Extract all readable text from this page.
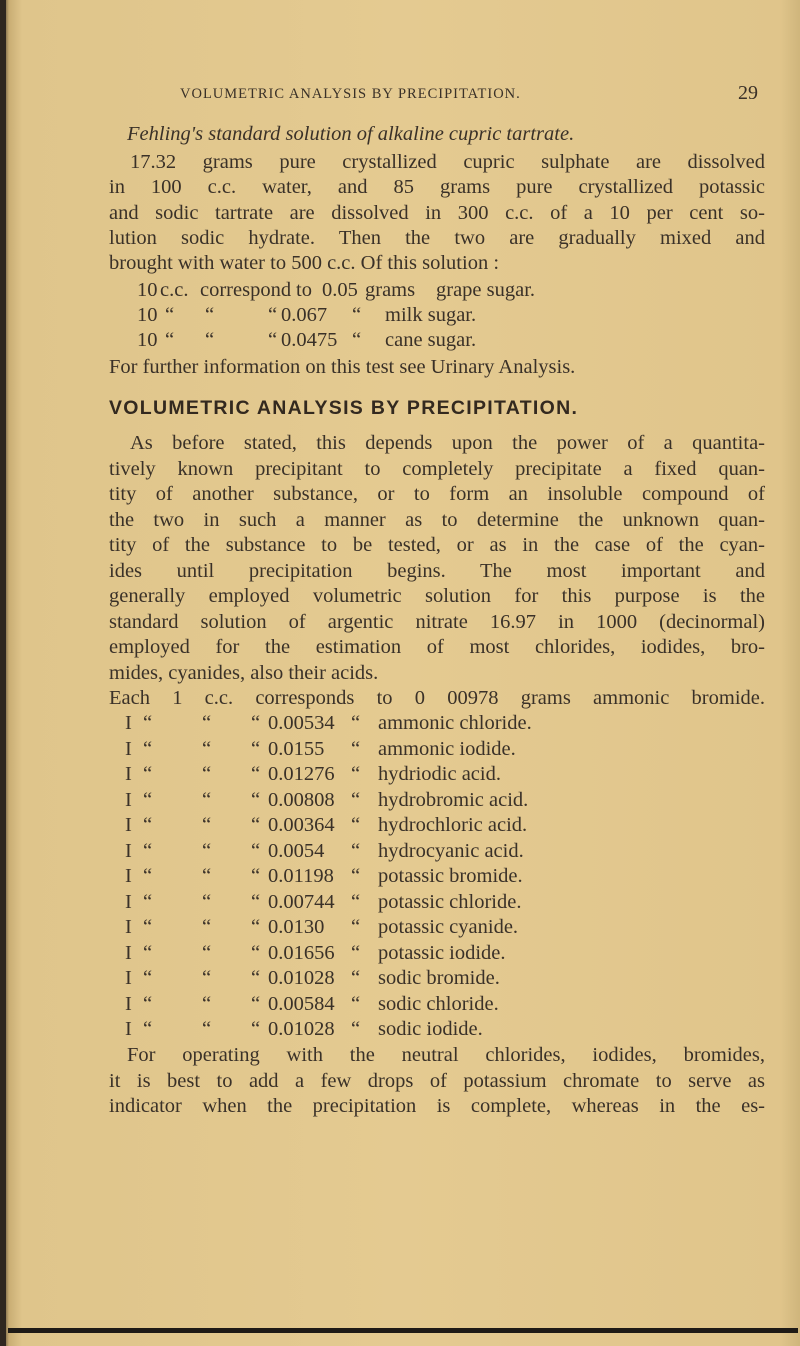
VOLUMETRIC ANALYSIS BY PRECIPITATION.	29
Fehling's standard solution of alkaline cupric tartrate.
VOLUMETRIC ANALYSIS BY PRECIPITATION.
17.32 grams pure crystallized cupric sulphate are dissolved
in 100 c.c. water, and 85 grams pure crystallized potassic
and sodic tartrate are dissolved in 300 c.c. of a 10 per cent so-
lution sodic hydrate. Then the two are gradually mixed and
brought with water to 500 c.c. Of this solution :
10 c.c. correspond to 0.05 grams grape sugar.
10 “ “	“ 0.067 “ milk sugar.
10 “ “	“ 0.0475 “ cane sugar.
For further information on this test see Urinary Analysis.
As before stated, this depends upon the power of a quantita-
tively known precipitant to completely precipitate a fixed quan-
tity of another substance, or to form an insoluble compound of
the two in such a manner as to determine the unknown quan-
tity of the substance to be tested, or as in the case of the cyan-
ides until precipitation begins. The most important and
generally employed volumetric solution for this purpose is the
standard solution of argentic nitrate 16.97 in 1000 (decinormal)
employed for the estimation of most chlorides, iodides, bro-
mides, cyanides, also their acids.
Each 1 c.c. corresponds to 0 00978 grams ammonic bromide.
I “ “ “ 0.00534 “ ammonic chloride.
I “ “ “ 0.0155 “ ammonic iodide.
I “ “ “ 0.01276 “ hydriodic acid.
I “ “ “ 0.00808 “ hydrobromic acid.
I “ “ “ 0.00364 “ hydrochloric acid.
I “ “ “ 0.0054 “ hydrocyanic acid.
I “ “ “ 0.01198 “ potassic bromide.
I “ “ “ 0.00744 “ potassic chloride.
I “ “ “ 0.0130 “ potassic cyanide.
I “ “ “ 0.01656 “ potassic iodide.
I “ “ “ 0.01028 “ sodic bromide.
I “ “ “ 0.00584 “ sodic chloride.
I “ “ “ 0.01028 “ sodic iodide.
For operating with the neutral chlorides, iodides, bromides,
it is best to add a few drops of potassium chromate to serve as
indicator when the precipitation is complete, whereas in the es-
